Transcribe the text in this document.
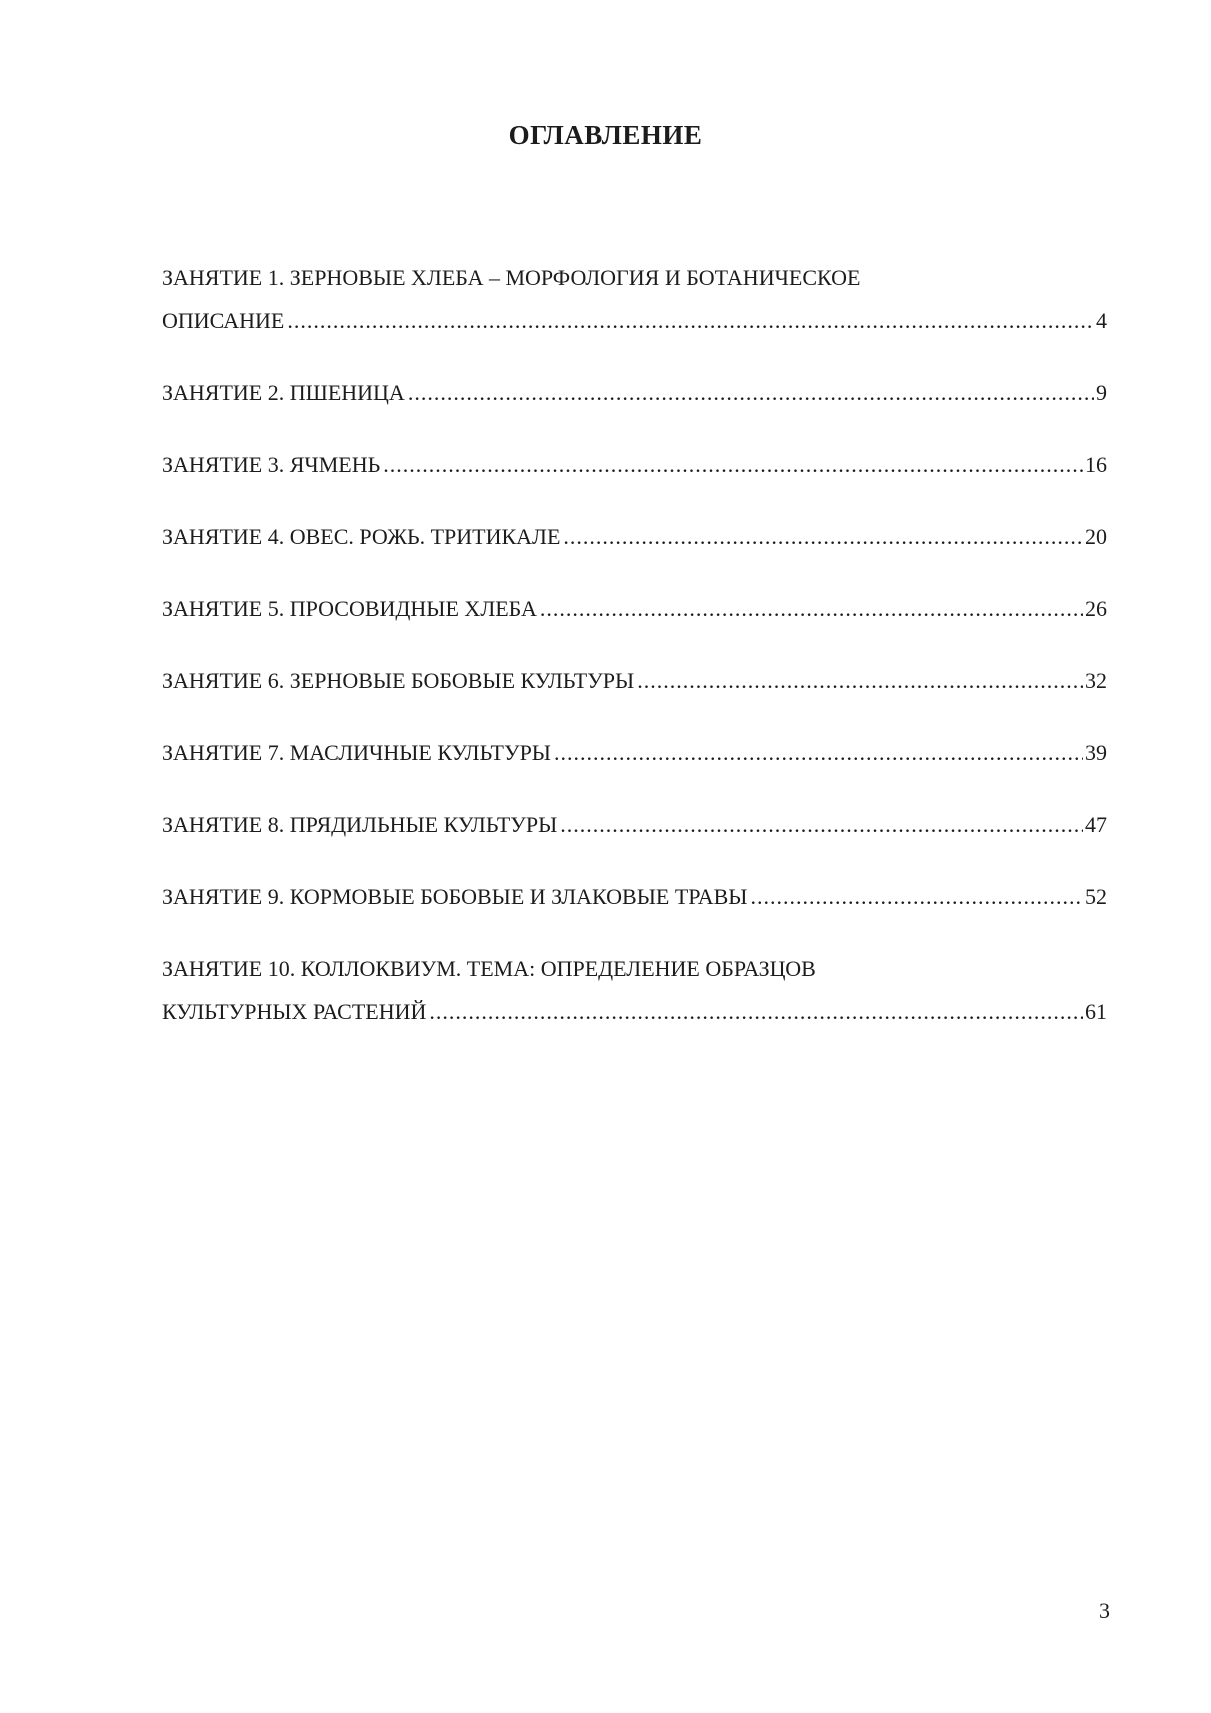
ОГЛАВЛЕНИЕ
ЗАНЯТИЕ 1. ЗЕРНОВЫЕ ХЛЕБА – МОРФОЛОГИЯ И БОТАНИЧЕСКОЕ
ОПИСАНИЕ .....	4
ЗАНЯТИЕ 2. ПШЕНИЦА .....	9
ЗАНЯТИЕ 3. ЯЧМЕНЬ .....	16
ЗАНЯТИЕ 4. ОВЕС. РОЖЬ. ТРИТИКАЛЕ .....	20
ЗАНЯТИЕ 5. ПРОСОВИДНЫЕ ХЛЕБА .....	26
ЗАНЯТИЕ 6. ЗЕРНОВЫЕ БОБОВЫЕ КУЛЬТУРЫ .....	32
ЗАНЯТИЕ 7. МАСЛИЧНЫЕ КУЛЬТУРЫ .....	39
ЗАНЯТИЕ 8. ПРЯДИЛЬНЫЕ КУЛЬТУРЫ .....	47
ЗАНЯТИЕ 9. КОРМОВЫЕ БОБОВЫЕ И ЗЛАКОВЫЕ ТРАВЫ .....	52
ЗАНЯТИЕ 10. КОЛЛОКВИУМ. ТЕМА: ОПРЕДЕЛЕНИЕ ОБРАЗЦОВ
КУЛЬТУРНЫХ РАСТЕНИЙ .....	61
3
